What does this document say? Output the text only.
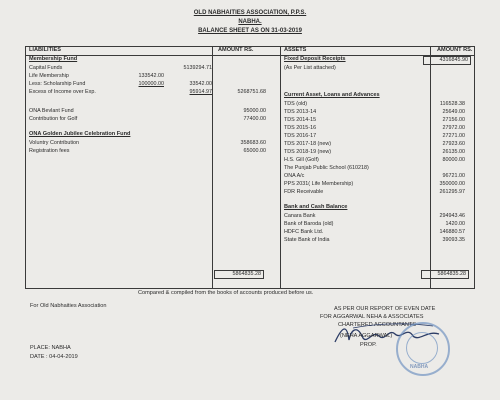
OLD NABHAITIES ASSOCIATION, P.P.S.
NABHA.
BALANCE SHEET AS ON 31-03-2019
LIABILITIES	AMOUNT RS.	ASSETS	AMOUNT RS.
Membership Fund
Capital Funds	5139294.71
Life Membership	133542.00
Less: Scholarship Fund	100000.00	33542.00
Excess of Income over Exp.	95914.97	5268751.68
ONA Bevlant Fund	95000.00
Contribution for Golf	77400.00
ONA Golden Jubilee Celebration Fund
Voluntry Contribution	358683.60
Registration fees	65000.00
5864835.28
Fixed Deposit Receipts	4316845.90
(As Per List attached)
Current Asset, Loans and Advances
TDS (old)	116528.38
TDS 2013-14	25649.00
TDS 2014-15	27156.00
TDS 2015-16	27972.00
TDS 2016-17	27271.00
TDS 2017-18 (new)	27923.60
TDS 2018-19 (new)	26135.00
H.S. Gill (Golf)	80000.00
The Punjab Public School (610218)
ONA A/c	96721.00
PPS 2031( Life Membership)	350000.00
FDR Receivable	261295.97
Bank and Cash Balance
Canara Bank	294943.46
Bank of Baroda (old)	1420.00
HDFC Bank Ltd.	146880.57
State Bank of India	39093.35
5864835.28
Compared & compiled from the books of accounts produced before us.
For Old Nabhaities Association	AS PER OUR REPORT OF EVEN DATE
FOR AGGARWAL NEHA & ASSOCIATES
CHARTERED ACCOUNTANTS
(NEHA AGGARWAL)
PROP.
NABHA
PLACE: NABHA
DATE : 04-04-2019
